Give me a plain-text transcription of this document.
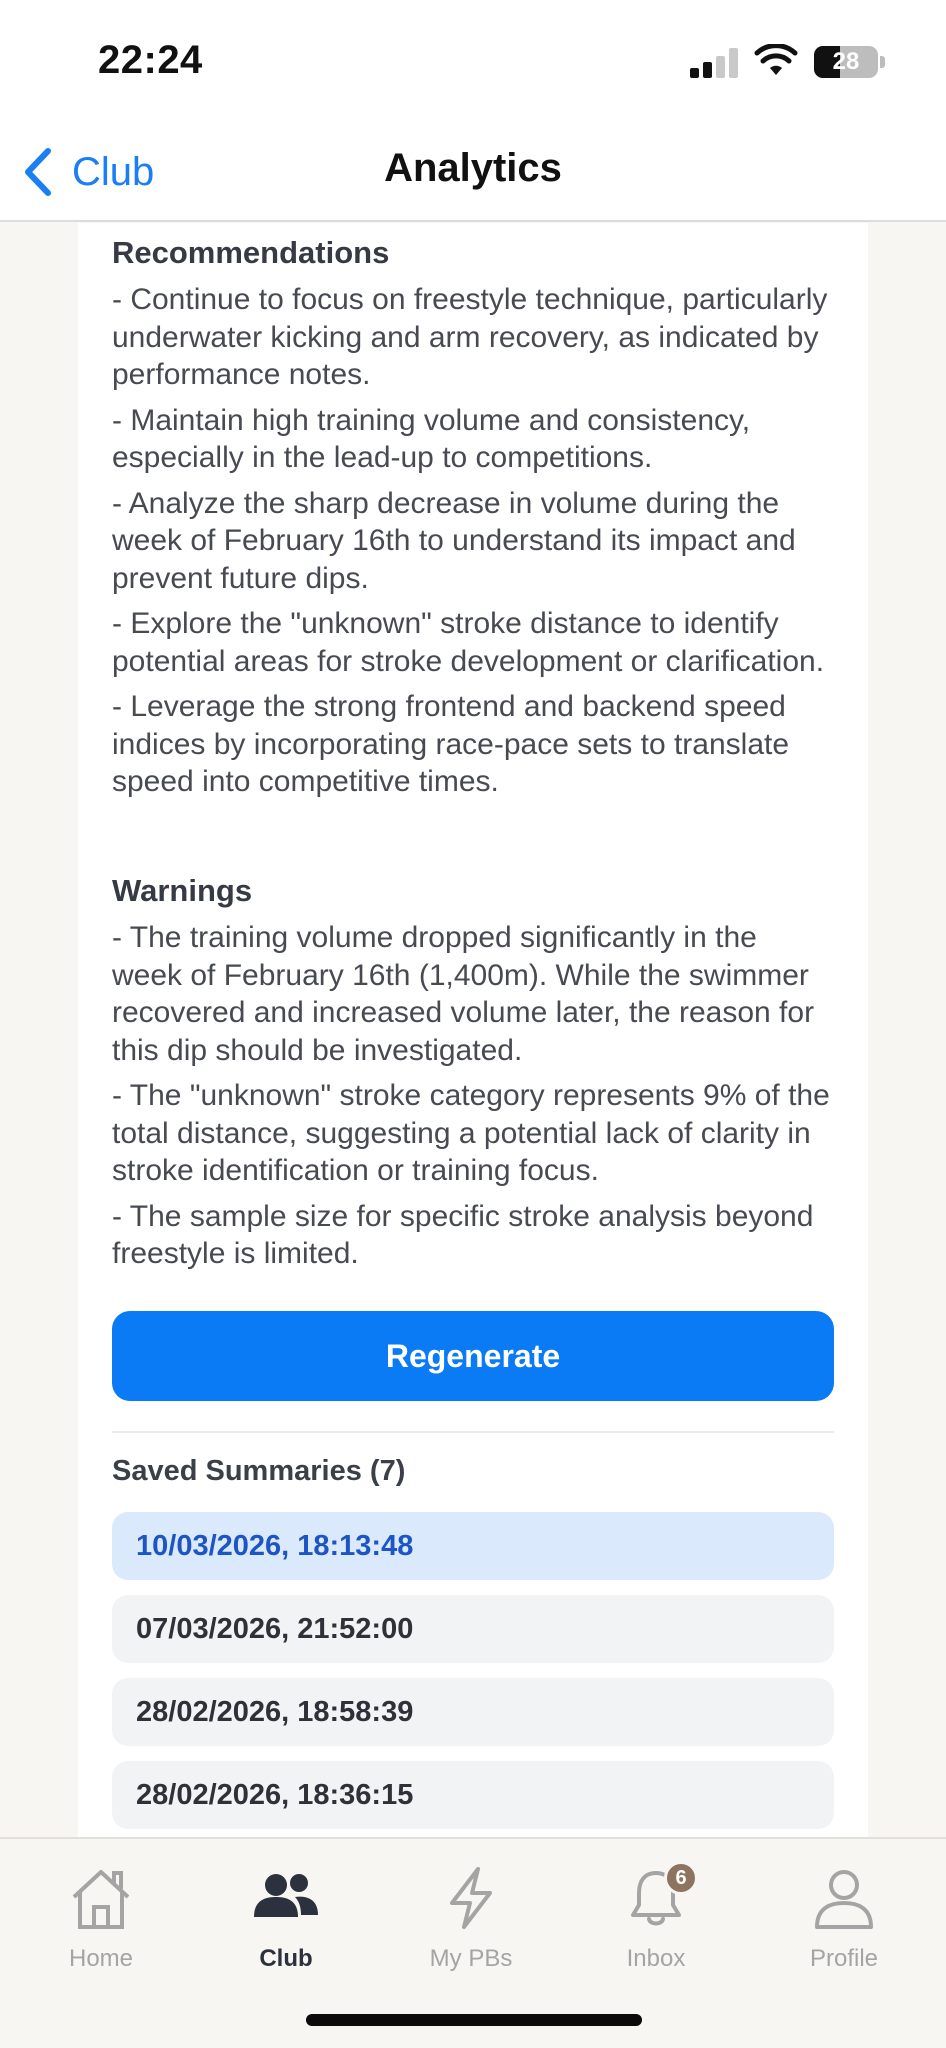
22:24	28
Club	Analytics
Recommendations
- Continue to focus on freestyle technique, particularly underwater kicking and arm recovery, as indicated by performance notes.
- Maintain high training volume and consistency, especially in the lead-up to competitions.
- Analyze the sharp decrease in volume during the week of February 16th to understand its impact and prevent future dips.
- Explore the "unknown" stroke distance to identify potential areas for stroke development or clarification.
- Leverage the strong frontend and backend speed indices by incorporating race-pace sets to translate speed into competitive times.
Warnings
- The training volume dropped significantly in the week of February 16th (1,400m). While the swimmer recovered and increased volume later, the reason for this dip should be investigated.
- The "unknown" stroke category represents 9% of the total distance, suggesting a potential lack of clarity in stroke identification or training focus.
- The sample size for specific stroke analysis beyond freestyle is limited.
Regenerate
Saved Summaries (7)
10/03/2026, 18:13:48
07/03/2026, 21:52:00
28/02/2026, 18:58:39
28/02/2026, 18:36:15
Home	Club	My PBs
6
Inbox	Profile
